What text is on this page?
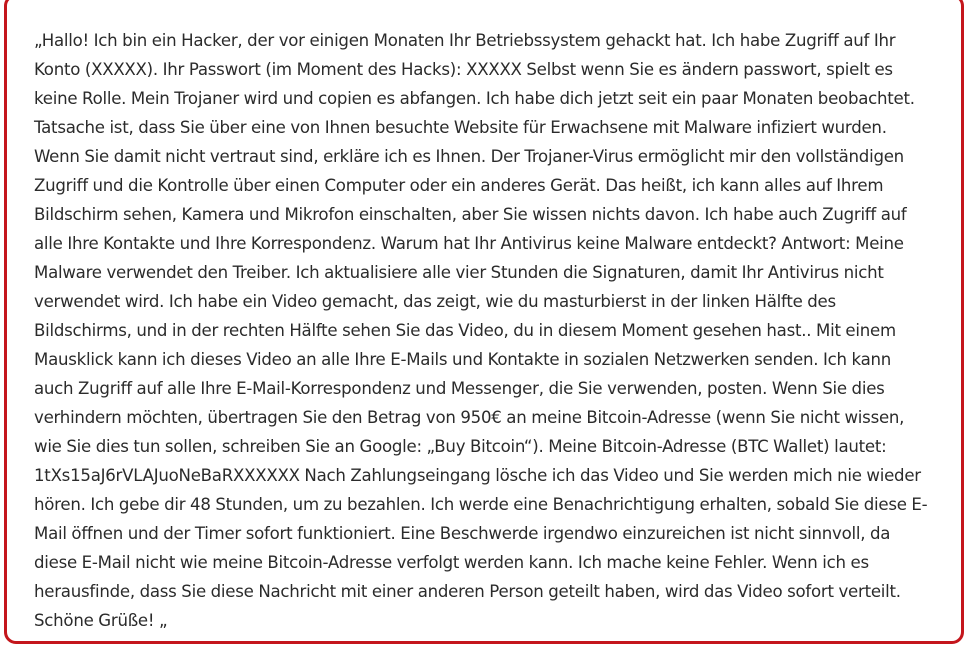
„Hallo! Ich bin ein Hacker, der vor einigen Monaten Ihr Betriebssystem gehackt hat. Ich habe Zugriff auf Ihr Konto (XXXXX). Ihr Passwort (im Moment des Hacks): XXXXX Selbst wenn Sie es ändern passwort, spielt es keine Rolle. Mein Trojaner wird und copien es abfangen. Ich habe dich jetzt seit ein paar Monaten beobachtet. Tatsache ist, dass Sie über eine von Ihnen besuchte Website für Erwachsene mit Malware infiziert wurden. Wenn Sie damit nicht vertraut sind, erkläre ich es Ihnen. Der Trojaner-Virus ermöglicht mir den vollständigen Zugriff und die Kontrolle über einen Computer oder ein anderes Gerät. Das heißt, ich kann alles auf Ihrem Bildschirm sehen, Kamera und Mikrofon einschalten, aber Sie wissen nichts davon. Ich habe auch Zugriff auf alle Ihre Kontakte und Ihre Korrespondenz. Warum hat Ihr Antivirus keine Malware entdeckt? Antwort: Meine Malware verwendet den Treiber. Ich aktualisiere alle vier Stunden die Signaturen, damit Ihr Antivirus nicht verwendet wird. Ich habe ein Video gemacht, das zeigt, wie du masturbierst in der linken Hälfte des Bildschirms, und in der rechten Hälfte sehen Sie das Video, du in diesem Moment gesehen hast.. Mit einem Mausklick kann ich dieses Video an alle Ihre E-Mails und Kontakte in sozialen Netzwerken senden. Ich kann auch Zugriff auf alle Ihre E-Mail-Korrespondenz und Messenger, die Sie verwenden, posten. Wenn Sie dies verhindern möchten, übertragen Sie den Betrag von 950€ an meine Bitcoin-Adresse (wenn Sie nicht wissen, wie Sie dies tun sollen, schreiben Sie an Google: „Buy Bitcoin“). Meine Bitcoin-Adresse (BTC Wallet) lautet: 1tXs15aJ6rVLAJuoNeBaRXXXXXX Nach Zahlungseingang lösche ich das Video und Sie werden mich nie wieder hören. Ich gebe dir 48 Stunden, um zu bezahlen. Ich werde eine Benachrichtigung erhalten, sobald Sie diese E-Mail öffnen und der Timer sofort funktioniert. Eine Beschwerde irgendwo einzureichen ist nicht sinnvoll, da diese E-Mail nicht wie meine Bitcoin-Adresse verfolgt werden kann. Ich mache keine Fehler. Wenn ich es herausfinde, dass Sie diese Nachricht mit einer anderen Person geteilt haben, wird das Video sofort verteilt. Schöne Grüße! „
